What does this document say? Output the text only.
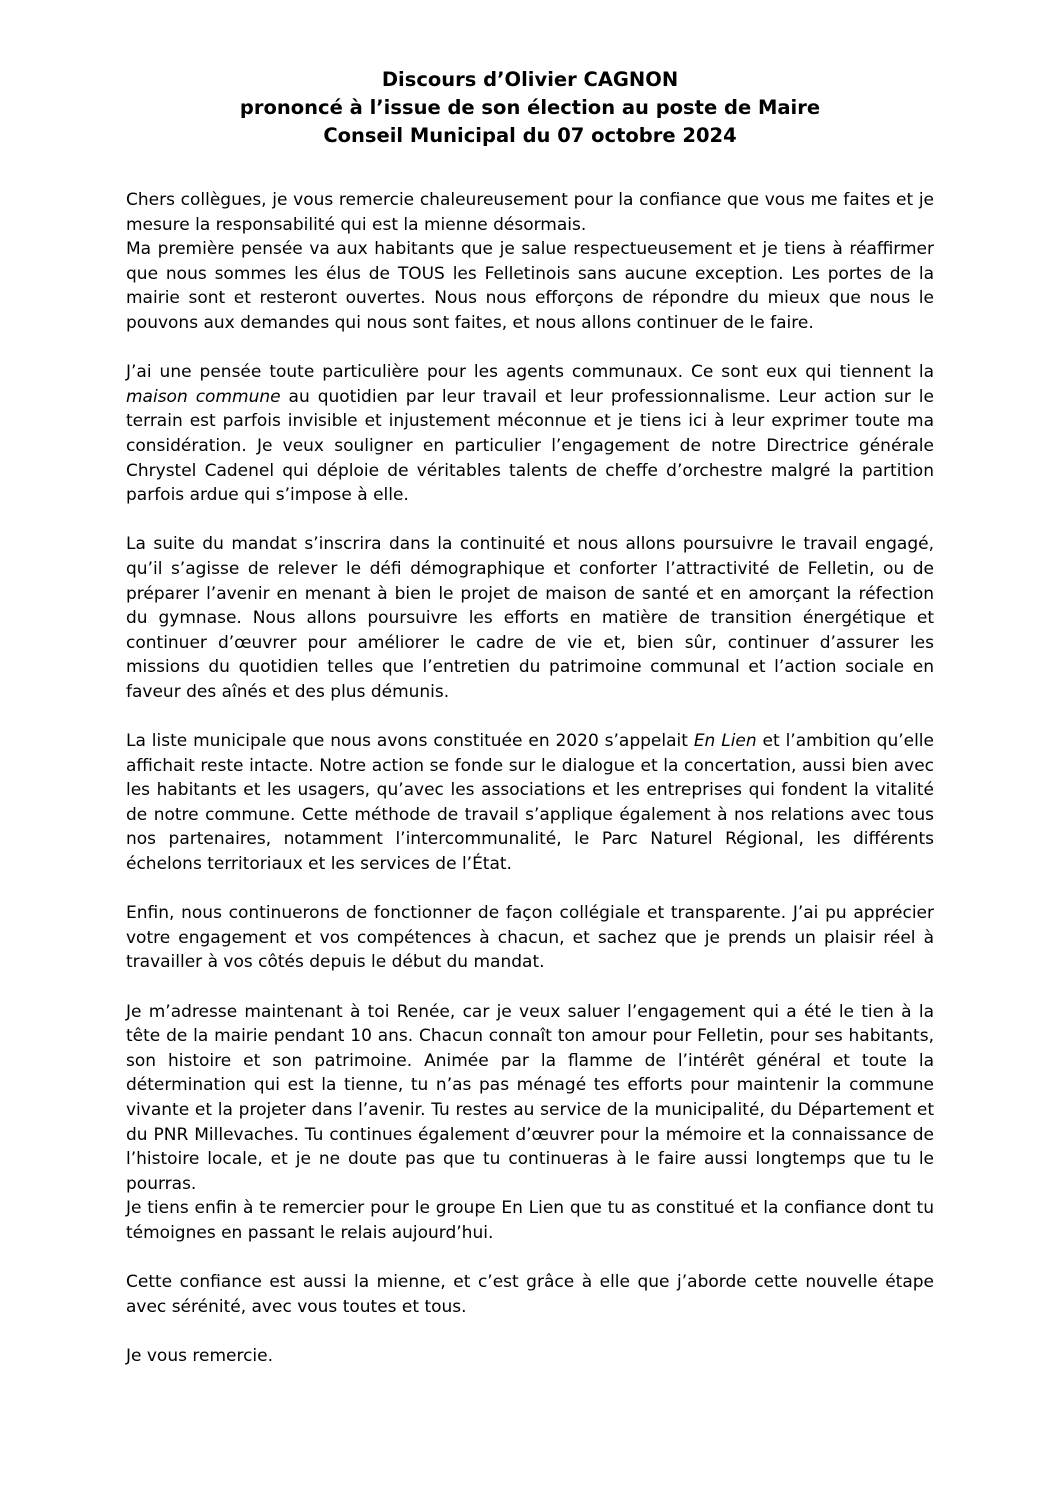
Discours d’Olivier CAGNON
prononcé à l’issue de son élection au poste de Maire
Conseil Municipal du 07 octobre 2024

Chers collègues, je vous remercie chaleureusement pour la confiance que vous me faites et je mesure la responsabilité qui est la mienne désormais.

Ma première pensée va aux habitants que je salue respectueusement et je tiens à réaffirmer que nous sommes les élus de TOUS les Felletinois sans aucune exception. Les portes de la mairie sont et resteront ouvertes. Nous nous efforçons de répondre du mieux que nous le pouvons aux demandes qui nous sont faites, et nous allons continuer de le faire.

J’ai une pensée toute particulière pour les agents communaux. Ce sont eux qui tiennent la maison commune au quotidien par leur travail et leur professionnalisme. Leur action sur le terrain est parfois invisible et injustement méconnue et je tiens ici à leur exprimer toute ma considération. Je veux souligner en particulier l’engagement de notre Directrice générale Chrystel Cadenel qui déploie de véritables talents de cheffe d’orchestre malgré la partition parfois ardue qui s’impose à elle.

La suite du mandat s’inscrira dans la continuité et nous allons poursuivre le travail engagé, qu’il s’agisse de relever le défi démographique et conforter l’attractivité de Felletin, ou de préparer l’avenir en menant à bien le projet de maison de santé et en amorçant la réfection du gymnase. Nous allons poursuivre les efforts en matière de transition énergétique et continuer d’œuvrer pour améliorer le cadre de vie et, bien sûr, continuer d’assurer les missions du quotidien telles que l’entretien du patrimoine communal et l’action sociale en faveur des aînés et des plus démunis.

La liste municipale que nous avons constituée en 2020 s’appelait En Lien et l’ambition qu’elle affichait reste intacte. Notre action se fonde sur le dialogue et la concertation, aussi bien avec les habitants et les usagers, qu’avec les associations et les entreprises qui fondent la vitalité de notre commune. Cette méthode de travail s’applique également à nos relations avec tous nos partenaires, notamment l’intercommunalité, le Parc Naturel Régional, les différents échelons territoriaux et les services de l’État.

Enfin, nous continuerons de fonctionner de façon collégiale et transparente. J’ai pu apprécier votre engagement et vos compétences à chacun, et sachez que je prends un plaisir réel à travailler à vos côtés depuis le début du mandat.

Je m’adresse maintenant à toi Renée, car je veux saluer l’engagement qui a été le tien à la tête de la mairie pendant 10 ans. Chacun connaît ton amour pour Felletin, pour ses habitants, son histoire et son patrimoine. Animée par la flamme de l’intérêt général et toute la détermination qui est la tienne, tu n’as pas ménagé tes efforts pour maintenir la commune vivante et la projeter dans l’avenir. Tu restes au service de la municipalité, du Département et du PNR Millevaches. Tu continues également d’œuvrer pour la mémoire et la connaissance de l’histoire locale, et je ne doute pas que tu continueras à le faire aussi longtemps que tu le pourras.

Je tiens enfin à te remercier pour le groupe En Lien que tu as constitué et la confiance dont tu témoignes en passant le relais aujourd’hui.

Cette confiance est aussi la mienne, et c’est grâce à elle que j’aborde cette nouvelle étape avec sérénité, avec vous toutes et tous.

Je vous remercie.
